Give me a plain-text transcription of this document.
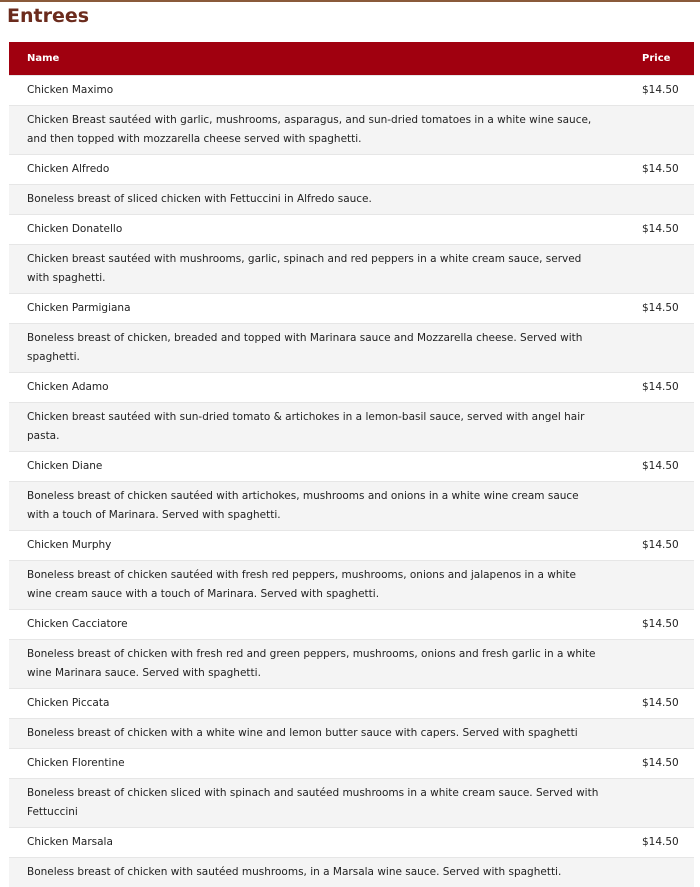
Entrees
Name	Price
Chicken Maximo	$14.50
Chicken Breast sautéed with garlic, mushrooms, asparagus, and sun-dried tomatoes in a white wine sauce, and then topped with mozzarella cheese served with spaghetti.	
Chicken Alfredo	$14.50
Boneless breast of sliced chicken with Fettuccini in Alfredo sauce.	
Chicken Donatello	$14.50
Chicken breast sautéed with mushrooms, garlic, spinach and red peppers in a white cream sauce, served with spaghetti.	
Chicken Parmigiana	$14.50
Boneless breast of chicken, breaded and topped with Marinara sauce and Mozzarella cheese. Served with spaghetti.	
Chicken Adamo	$14.50
Chicken breast sautéed with sun-dried tomato & artichokes in a lemon-basil sauce, served with angel hair pasta.	
Chicken Diane	$14.50
Boneless breast of chicken sautéed with artichokes, mushrooms and onions in a white wine cream sauce with a touch of Marinara. Served with spaghetti.	
Chicken Murphy	$14.50
Boneless breast of chicken sautéed with fresh red peppers, mushrooms, onions and jalapenos in a white wine cream sauce with a touch of Marinara. Served with spaghetti.	
Chicken Cacciatore	$14.50
Boneless breast of chicken with fresh red and green peppers, mushrooms, onions and fresh garlic in a white wine Marinara sauce. Served with spaghetti.	
Chicken Piccata	$14.50
Boneless breast of chicken with a white wine and lemon butter sauce with capers. Served with spaghetti	
Chicken Florentine	$14.50
Boneless breast of chicken sliced with spinach and sautéed mushrooms in a white cream sauce. Served with Fettuccini	
Chicken Marsala	$14.50
Boneless breast of chicken with sautéed mushrooms, in a Marsala wine sauce. Served with spaghetti.	
